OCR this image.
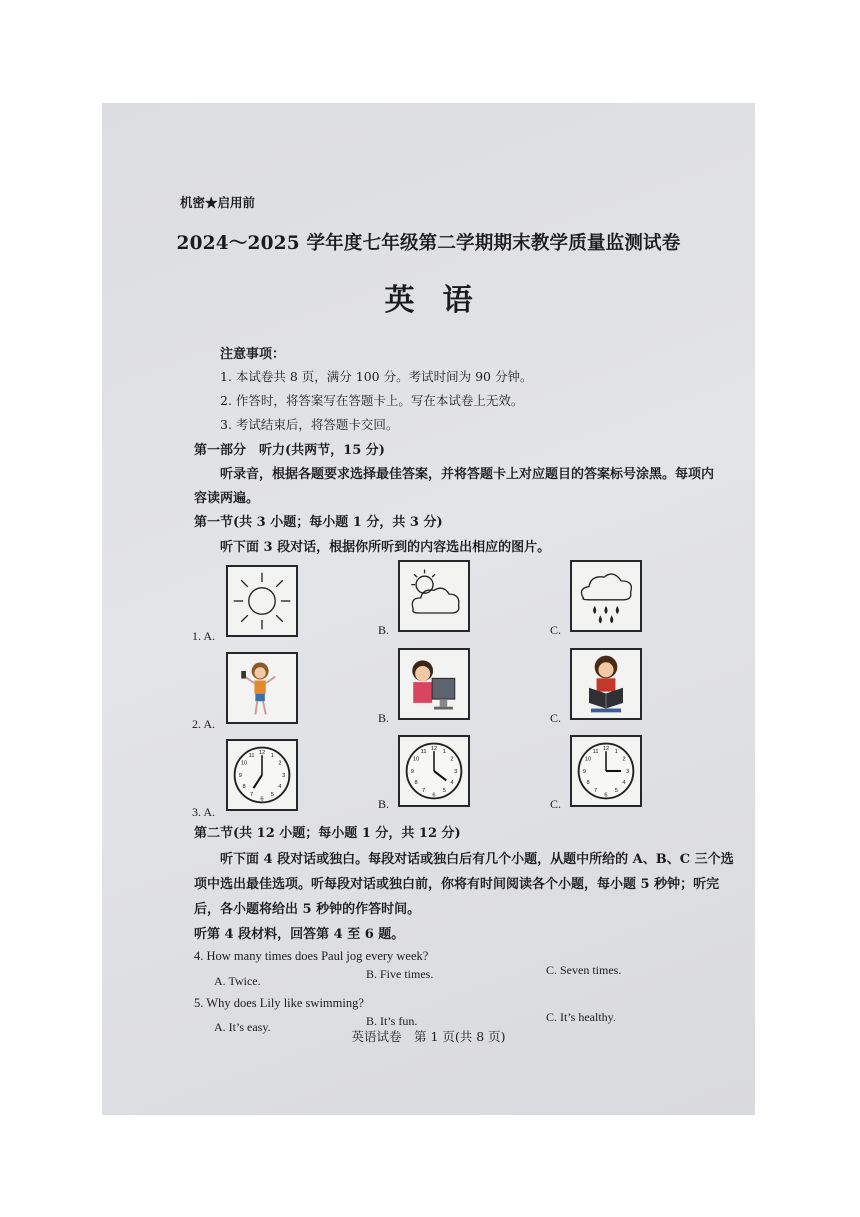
机密★启用前
2024～2025 学年度七年级第二学期期末教学质量监测试卷
英语
注意事项：
1. 本试卷共 8 页，满分 100 分。考试时间为 90 分钟。
2. 作答时，将答案写在答题卡上。写在本试卷上无效。
3. 考试结束后，将答题卡交回。
第一部分　听力(共两节，15 分)
听录音，根据各题要求选择最佳答案，并将答题卡上对应题目的答案标号涂黑。每项内
容读两遍。
第一节(共 3 小题；每小题 1 分，共 3 分)
听下面 3 段对话，根据你所听到的内容选出相应的图片。
1. A.	B.	C.
2. A.	B.	C.
3. A.
12 1
2
3
4
5
6
7
8
9
10
11
B.
12 1
2
3
4
5
6
7
8
9
10
11
C.
12 1
2
3
4
5
6
7
8
9
10
11
第二节(共 12 小题；每小题 1 分，共 12 分)
听下面 4 段对话或独白。每段对话或独白后有几个小题，从题中所给的 A、B、C 三个选
项中选出最佳选项。听每段对话或独白前，你将有时间阅读各个小题，每小题 5 秒钟；听完
后，各小题将给出 5 秒钟的作答时间。
听第 4 段材料，回答第 4 至 6 题。
4. How many times does Paul jog every week?
A. Twice.	B. Five times.	C. Seven times.
5. Why does Lily like swimming?
A. It’s easy.	B. It’s fun.	C. It’s healthy.
英语试卷　第 1 页(共 8 页)
